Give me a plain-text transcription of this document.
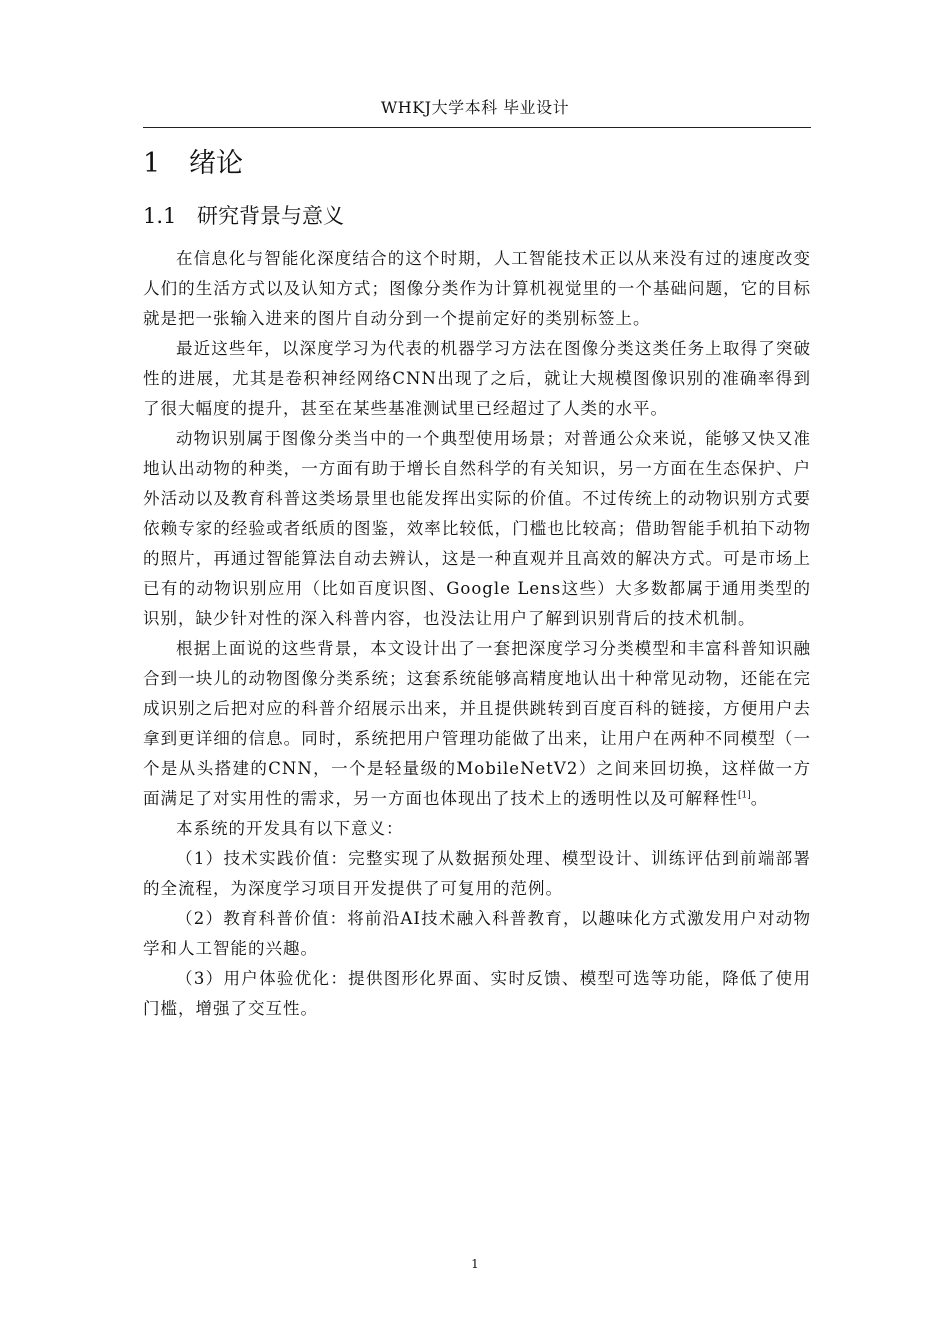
WHKJ大学本科 毕业设计
1 绪论
1.1 研究背景与意义

在信息化与智能化深度结合的这个时期，人工智能技术正以从来没有过的速度改变人们的生活方式以及认知方式；图像分类作为计算机视觉里的一个基础问题，它的目标就是把一张输入进来的图片自动分到一个提前定好的类别标签上。

最近这些年，以深度学习为代表的机器学习方法在图像分类这类任务上取得了突破性的进展，尤其是卷积神经网络CNN出现了之后，就让大规模图像识别的准确率得到了很大幅度的提升，甚至在某些基准测试里已经超过了人类的水平。

动物识别属于图像分类当中的一个典型使用场景；对普通公众来说，能够又快又准地认出动物的种类，一方面有助于增长自然科学的有关知识，另一方面在生态保护、户外活动以及教育科普这类场景里也能发挥出实际的价值。不过传统上的动物识别方式要依赖专家的经验或者纸质的图鉴，效率比较低，门槛也比较高；借助智能手机拍下动物的照片，再通过智能算法自动去辨认，这是一种直观并且高效的解决方式。可是市场上已有的动物识别应用（比如百度识图、Google Lens这些）大多数都属于通用类型的识别，缺少针对性的深入科普内容，也没法让用户了解到识别背后的技术机制。

根据上面说的这些背景，本文设计出了一套把深度学习分类模型和丰富科普知识融合到一块儿的动物图像分类系统；这套系统能够高精度地认出十种常见动物，还能在完成识别之后把对应的科普介绍展示出来，并且提供跳转到百度百科的链接，方便用户去拿到更详细的信息。同时，系统把用户管理功能做了出来，让用户在两种不同模型（一个是从头搭建的CNN，一个是轻量级的MobileNetV2）之间来回切换，这样做一方面满足了对实用性的需求，另一方面也体现出了技术上的透明性以及可解释性[1]。

本系统的开发具有以下意义：

（1）技术实践价值：完整实现了从数据预处理、模型设计、训练评估到前端部署的全流程，为深度学习项目开发提供了可复用的范例。

（2）教育科普价值：将前沿AI技术融入科普教育，以趣味化方式激发用户对动物学和人工智能的兴趣。

（3）用户体验优化：提供图形化界面、实时反馈、模型可选等功能，降低了使用门槛，增强了交互性。

1
